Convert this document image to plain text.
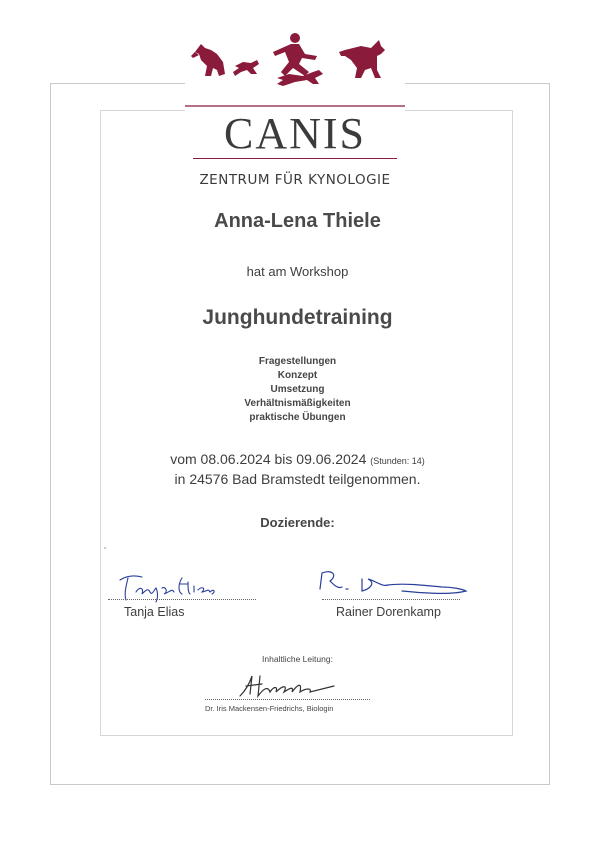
CANIS
ZENTRUM FÜR KYNOLOGIE
Anna-Lena Thiele
hat am Workshop
Junghundetraining
Fragestellungen
Konzept
Umsetzung
Verhältnismäßigkeiten
praktische Übungen
vom 08.06.2024 bis 09.06.2024 (Stunden: 14)
in 24576 Bad Bramstedt teilgenommen.
Dozierende:
Tanja Elias	Rainer Dorenkamp
Inhaltliche Leitung:
Dr. Iris Mackensen-Friedrichs, Biologin
